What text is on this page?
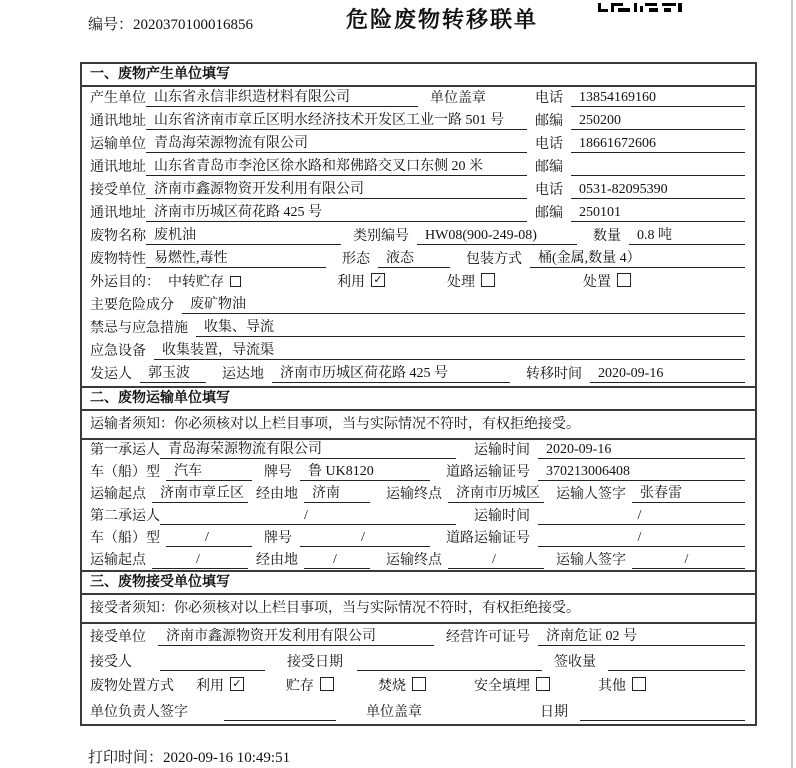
编号：2020370100016856	危险废物转移联单
一、废物产生单位填写
产生单位 山东省永信非织造材料有限公司	单位盖章	电话	13854169160
通讯地址 山东省济南市章丘区明水经济技术开发区工业一路 501 号	邮编	250200
运输单位 青岛海荣源物流有限公司	电话	18661672606
通讯地址 山东省青岛市李沧区徐水路和郑佛路交叉口东侧 20 米	邮编
接受单位 济南市鑫源物资开发利用有限公司	电话	0531-82095390
通讯地址 济南市历城区荷花路 425 号	邮编	250101
废物名称 废机油	类别编号	HW08(900-249-08)	数量	0.8 吨
废物特性 易燃性,毒性	形态	液态	包装方式	桶(金属,数量 4）
外运目的： 中转贮存	利用 ✓	处理	处置
主要危险成分	废矿物油
禁忌与应急措施	收集、导流
应急设备	收集装置，导流渠
发运人	郭玉波	运达地	济南市历城区荷花路 425 号	转移时间	2020-09-16
二、废物运输单位填写
运输者须知：你必须核对以上栏目事项，当与实际情况不符时，有权拒绝接受。
第一承运人 青岛海荣源物流有限公司	运输时间	2020-09-16
车（船）型	汽车	牌号	鲁 UK8120	道路运输证号	370213006408
运输起点	济南市章丘区 经由地	济南	运输终点	济南市历城区 运输人签字	张春雷
第二承运人	/	运输时间	/
车（船）型	/	牌号	/	道路运输证号	/
运输起点	/	经由地	/	运输终点	/	运输人签字	/
三、废物接受单位填写
接受者须知：你必须核对以上栏目事项，当与实际情况不符时，有权拒绝接受。
接受单位	济南市鑫源物资开发利用有限公司	经营许可证号	济南危证 02 号
接受人	接受日期	签收量
废物处置方式 利用 ✓	贮存	焚烧	安全填埋	其他
单位负责人签字	单位盖章	日期
打印时间：2020-09-16 10:49:51
